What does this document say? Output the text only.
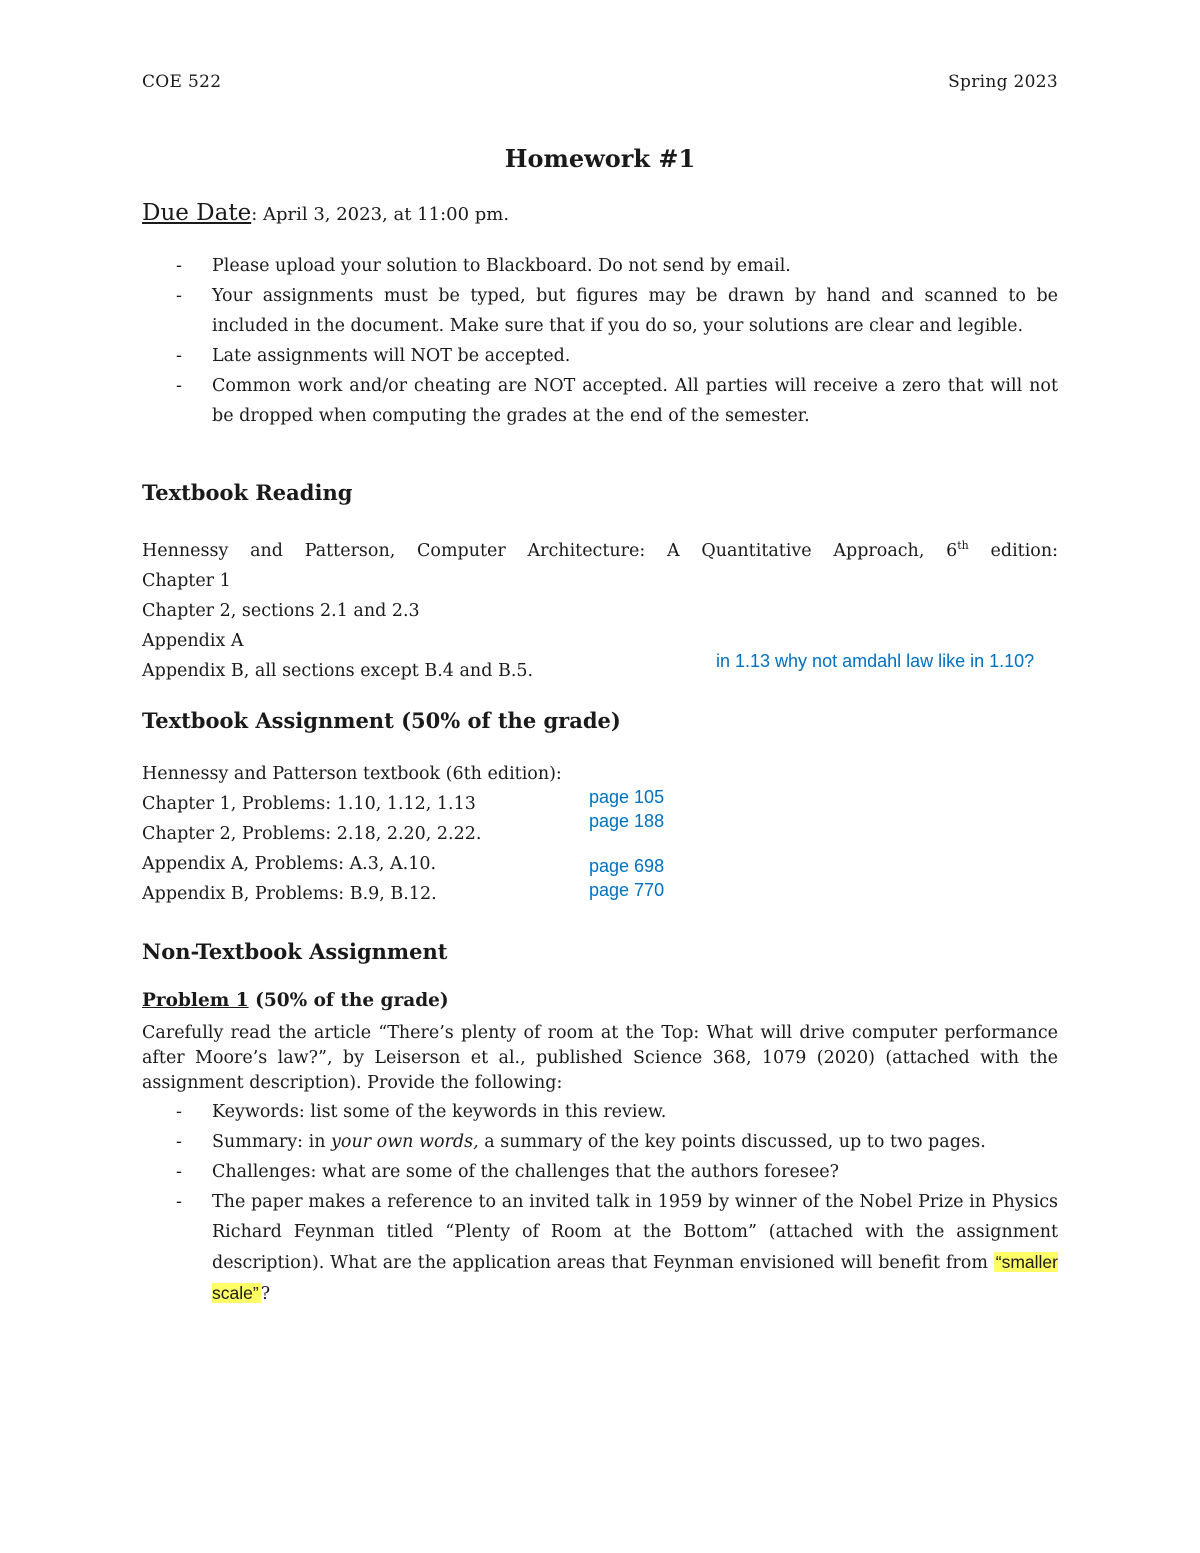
COE 522	Spring 2023
Homework #1
Due Date: April 3, 2023, at 11:00 pm.
- Please upload your solution to Blackboard. Do not send by email.
- Your assignments must be typed, but figures may be drawn by hand and scanned to be included in the document. Make sure that if you do so, your solutions are clear and legible.
- Late assignments will NOT be accepted.
- Common work and/or cheating are NOT accepted. All parties will receive a zero that will not be dropped when computing the grades at the end of the semester.
Textbook Reading
Hennessy and Patterson, Computer Architecture: A Quantitative Approach, 6th edition:
Chapter 1
Chapter 2, sections 2.1 and 2.3
Appendix A
Appendix B, all sections except B.4 and B.5.	in 1.13 why not amdahl law like in 1.10?
Textbook Assignment (50% of the grade)
Hennessy and Patterson textbook (6th edition):
Chapter 1, Problems: 1.10, 1.12, 1.13
Chapter 2, Problems: 2.18, 2.20, 2.22.
Appendix A, Problems: A.3, A.10.
Appendix B, Problems: B.9, B.12.
page 105
page 188
page 698
page 770
Non-Textbook Assignment
Problem 1 (50% of the grade)
Carefully read the article “There’s plenty of room at the Top: What will drive computer performance after Moore’s law?”, by Leiserson et al., published Science 368, 1079 (2020) (attached with the assignment description). Provide the following:
- Keywords: list some of the keywords in this review.
- Summary: in your own words, a summary of the key points discussed, up to two pages.
- Challenges: what are some of the challenges that the authors foresee?
- The paper makes a reference to an invited talk in 1959 by winner of the Nobel Prize in Physics Richard Feynman titled “Plenty of Room at the Bottom” (attached with the assignment description). What are the application areas that Feynman envisioned will benefit from “smaller scale” ?
